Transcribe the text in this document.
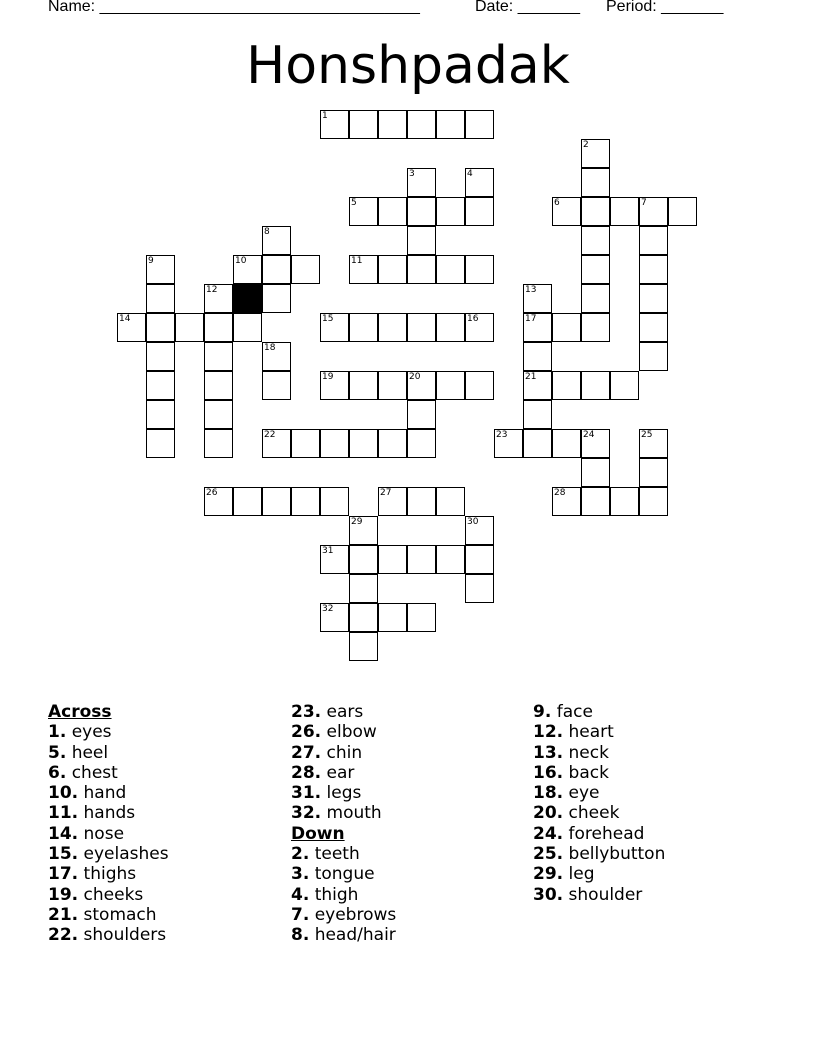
Name: ____________________________________	Date: _______ Period: _______
Honshpadak
1
2
3	4
5	6	7
8
9	10	11
12	13
14	15	16	17
18
19	20	21
22	23	24	25
26	27	28
29	30
31
32
Across
1. eyes
5. heel
6. chest
10. hand
11. hands
14. nose
15. eyelashes
17. thighs
19. cheeks
21. stomach
22. shoulders
23. ears
26. elbow
27. chin
28. ear
31. legs
32. mouth
Down
2. teeth
3. tongue
4. thigh
7. eyebrows
8. head/hair
9. face
12. heart
13. neck
16. back
18. eye
20. cheek
24. forehead
25. bellybutton
29. leg
30. shoulder
